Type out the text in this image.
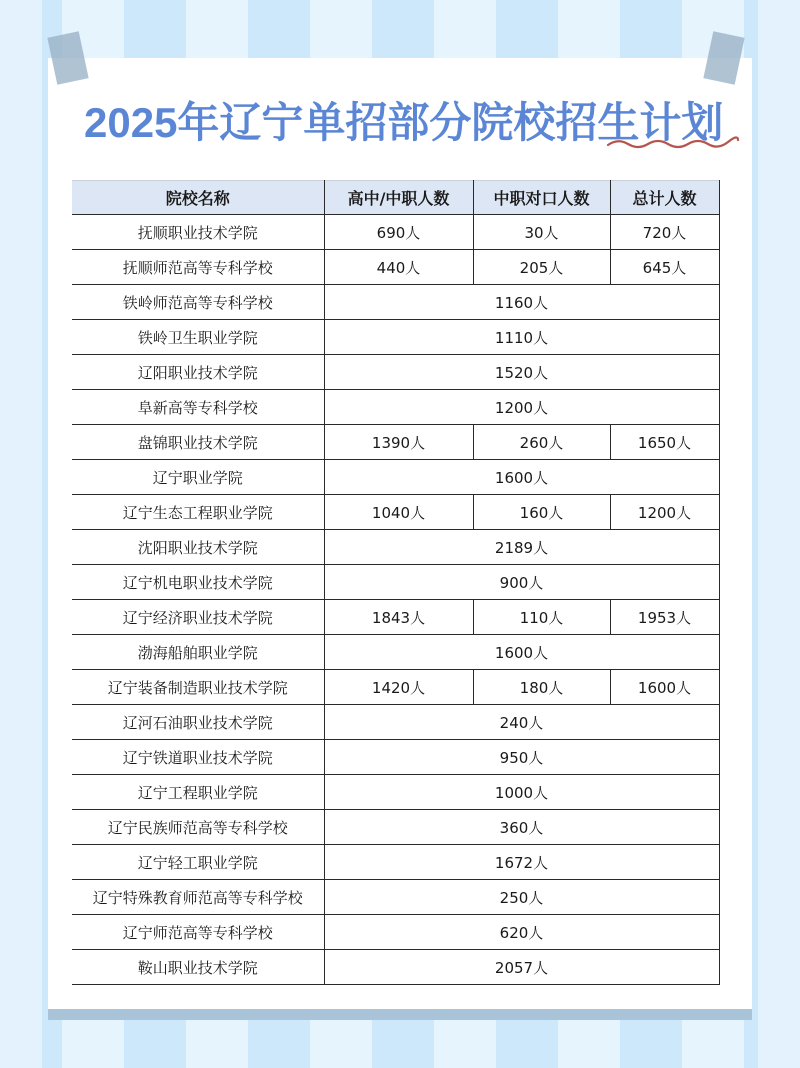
2025年辽宁单招部分院校招生计划
院校名称	高中/中职人数	中职对口人数	总计人数
抚顺职业技术学院	690人	30人	720人
抚顺师范高等专科学校	440人	205人	645人
铁岭师范高等专科学校	1160人		
铁岭卫生职业学院	1110人		
辽阳职业技术学院	1520人		
阜新高等专科学校	1200人		
盘锦职业技术学院	1390人	260人	1650人
辽宁职业学院	1600人		
辽宁生态工程职业学院	1040人	160人	1200人
沈阳职业技术学院	2189人		
辽宁机电职业技术学院	900人		
辽宁经济职业技术学院	1843人	110人	1953人
渤海船舶职业学院	1600人		
辽宁装备制造职业技术学院	1420人	180人	1600人
辽河石油职业技术学院	240人		
辽宁铁道职业技术学院	950人		
辽宁工程职业学院	1000人		
辽宁民族师范高等专科学校	360人		
辽宁轻工职业学院	1672人		
辽宁特殊教育师范高等专科学校	250人		
辽宁师范高等专科学校	620人		
鞍山职业技术学院	2057人		
